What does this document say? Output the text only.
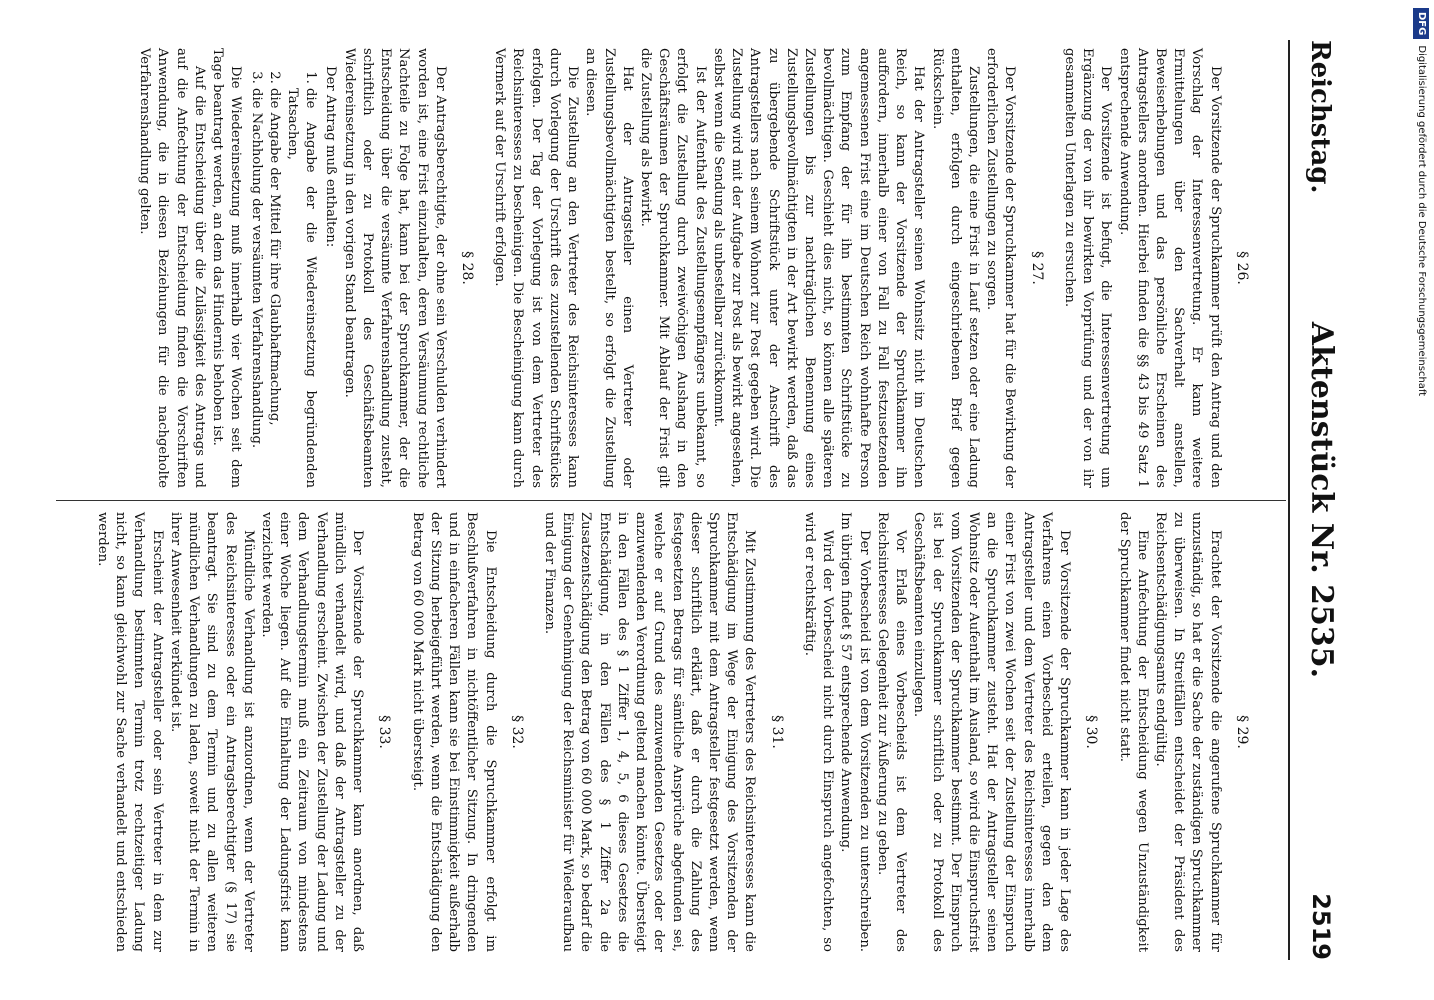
Reichstag.
Aktenstück Nr. 2535.
2519
§ 26.

Der Vorsitzende der Spruchkammer prüft den Antrag und den Vorschlag der Interessenvertretung. Er kann weitere Ermittelungen über den Sachverhalt anstellen, Beweiserhebungen und das persönliche Erscheinen des Antragstellers anordnen. Hierbei finden die §§ 43 bis 49 Satz 1 entsprechende Anwendung.

Der Vorsitzende ist befugt, die Interessenvertretung um Ergänzung der von ihr bewirkten Vorprüfung und der von ihr gesammelten Unterlagen zu ersuchen.

§ 27.

Der Vorsitzende der Spruchkammer hat für die Bewirkung der erforderlichen Zustellungen zu sorgen.

Zustellungen, die eine Frist in Lauf setzen oder eine Ladung enthalten, erfolgen durch eingeschriebenen Brief gegen Rückschein.

Hat der Antragsteller seinen Wohnsitz nicht im Deutschen Reich, so kann der Vorsitzende der Spruchkammer ihn auffordern, innerhalb einer von Fall zu Fall festzusetzenden angemessenen Frist eine im Deutschen Reich wohnhafte Person zum Empfang der für ihn bestimmten Schriftstücke zu bevollmächtigen. Geschieht dies nicht, so können alle späteren Zustellungen bis zur nachträglichen Benennung eines Zustellungsbevollmächtigten in der Art bewirkt werden, daß das zu übergebende Schriftstück unter der Anschrift des Antragstellers nach seinem Wohnort zur Post gegeben wird. Die Zustellung wird mit der Aufgabe zur Post als bewirkt angesehen, selbst wenn die Sendung als unbestellbar zurückkommt.

Ist der Aufenthalt des Zustellungsempfängers unbekannt, so erfolgt die Zustellung durch zweiwöchigen Aushang in den Geschäftsräumen der Spruchkammer. Mit Ablauf der Frist gilt die Zustellung als bewirkt.

Hat der Antragsteller einen Vertreter oder Zustellungsbevollmächtigten bestellt, so erfolgt die Zustellung an diesen.

Die Zustellung an den Vertreter des Reichsinteresses kann durch Vorlegung der Urschrift des zuzustellenden Schriftstücks erfolgen. Der Tag der Vorlegung ist von dem Vertreter des Reichsinteresses zu bescheinigen. Die Bescheinigung kann durch Vermerk auf der Urschrift erfolgen.

§ 28.

Der Antragsberechtigte, der ohne sein Verschulden verhindert worden ist, eine Frist einzuhalten, deren Versäumung rechtliche Nachteile zu Folge hat, kann bei der Spruchkammer, der die Entscheidung über die versäumte Verfahrenshandlung zusteht, schriftlich oder zu Protokoll des Geschäftsbeamten Wiedereinsetzung in den vorigen Stand beantragen.

Der Antrag muß enthalten:

1. die Angabe der die Wiedereinsetzung begründenden Tatsachen,
2. die Angabe der Mittel für ihre Glaubhaftmachung,
3. die Nachholung der versäumten Verfahrenshandlung.

Die Wiedereinsetzung muß innerhalb vier Wochen seit dem Tage beantragt werden, an dem das Hindernis behoben ist.

Auf die Entscheidung über die Zulässigkeit des Antrags und auf die Anfechtung der Entscheidung finden die Vorschriften Anwendung, die in diesen Beziehungen für die nachgeholte Verfahrenshandlung gelten.

§ 29.

Erachtet der Vorsitzende die angerufene Spruchkammer für unzuständig, so hat er die Sache der zuständigen Spruchkammer zu überweisen. In Streitfällen entscheidet der Präsident des Reichsentschädigungsamts endgültig.

Eine Anfechtung der Entscheidung wegen Unzuständigkeit der Spruchkammer findet nicht statt.

§ 30.

Der Vorsitzende der Spruchkammer kann in jeder Lage des Verfahrens einen Vorbescheid erteilen, gegen den dem Antragsteller und dem Vertreter des Reichsinteresses innerhalb einer Frist von zwei Wochen seit der Zustellung der Einspruch an die Spruchkammer zusteht. Hat der Antragsteller seinen Wohnsitz oder Aufenthalt im Ausland, so wird die Einspruchsfrist vom Vorsitzenden der Spruchkammer bestimmt. Der Einspruch ist bei der Spruchkammer schriftlich oder zu Protokoll des Geschäftsbeamten einzulegen.

Vor Erlaß eines Vorbescheids ist dem Vertreter des Reichsinteresses Gelegenheit zur Äußerung zu geben.

Der Vorbescheid ist von dem Vorsitzenden zu unterschreiben. Im übrigen findet § 57 entsprechende Anwendung.

Wird der Vorbescheid nicht durch Einspruch angefochten, so wird er rechtskräftig.

§ 31.

Mit Zustimmung des Vertreters des Reichsinteresses kann die Entschädigung im Wege der Einigung des Vorsitzenden der Spruchkammer mit dem Antragsteller festgesetzt werden, wenn dieser schriftlich erklärt, daß er durch die Zahlung des festgesetzten Betrags für sämtliche Ansprüche abgefunden sei, welche er auf Grund des anzuwendenden Gesetzes oder der anzuwendenden Verordnung geltend machen könnte. Übersteigt in den Fällen des § 1 Ziffer 1, 4, 5, 6 dieses Gesetzes die Entschädigung, in den Fällen des § 1 Ziffer 2a die Zusatzentschädigung den Betrag von 60 000 Mark, so bedarf die Einigung der Genehmigung der Reichsminister für Wiederaufbau und der Finanzen.

§ 32.

Die Entscheidung durch die Spruchkammer erfolgt im Beschlußverfahren in nichtöffentlicher Sitzung. In dringenden und in einfacheren Fällen kann sie bei Einstimmigkeit außerhalb der Sitzung herbeigeführt werden, wenn die Entschädigung den Betrag von 60 000 Mark nicht übersteigt.

§ 33.

Der Vorsitzende der Spruchkammer kann anordnen, daß mündlich verhandelt wird, und daß der Antragsteller zu der Verhandlung erscheint. Zwischen der Zustellung der Ladung und dem Verhandlungstermin muß ein Zeitraum von mindestens einer Woche liegen. Auf die Einhaltung der Ladungsfrist kann verzichtet werden.

Mündliche Verhandlung ist anzuordnen, wenn der Vertreter des Reichsinteresses oder ein Antragsberechtigter (§ 17) sie beantragt. Sie sind zu dem Termin und zu allen weiteren mündlichen Verhandlungen zu laden, soweit nicht der Termin in ihrer Anwesenheit verkündet ist.

Erscheint der Antragsteller oder sein Vertreter in dem zur Verhandlung bestimmten Termin trotz rechtzeitiger Ladung nicht, so kann gleichwohl zur Sache verhandelt und entschieden werden.

DFGDigitalisierung gefördert durch die Deutsche Forschungsgemeinschaft
